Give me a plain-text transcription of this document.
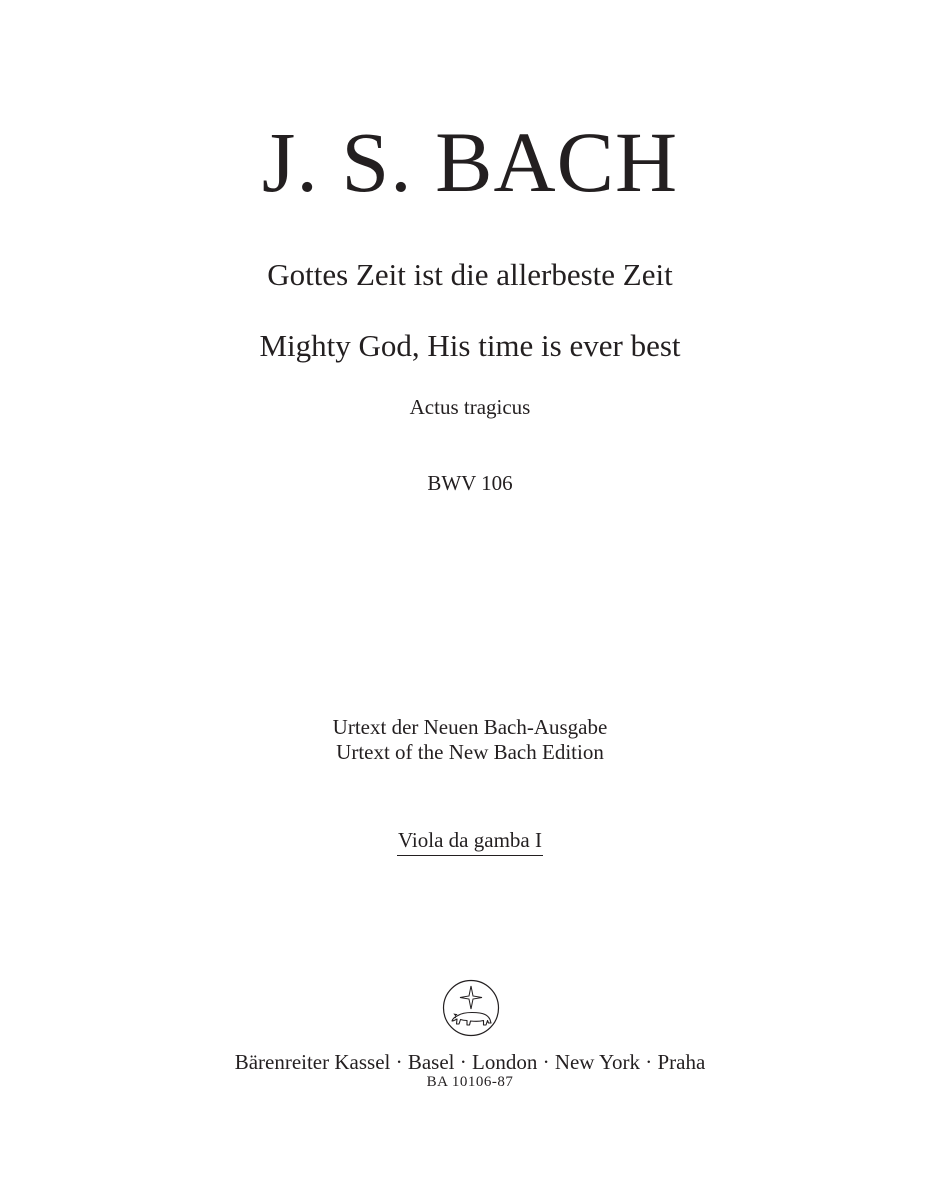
J. S. BACH
Gottes Zeit ist die allerbeste Zeit
Mighty God, His time is ever best
Actus tragicus
BWV 106
Urtext der Neuen Bach-Ausgabe
Urtext of the New Bach Edition
Viola da gamba I
Bärenreiter Kassel · Basel · London · New York · Praha
BA 10106-87
